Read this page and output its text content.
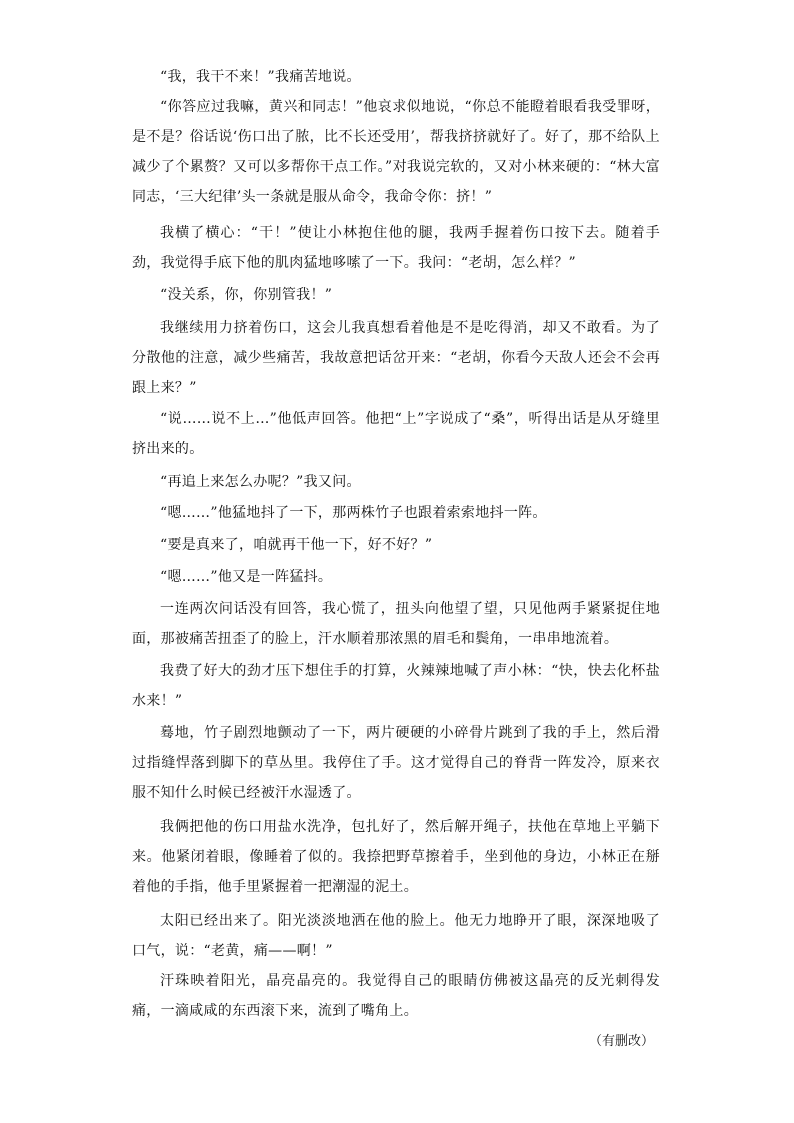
“我，我干不来！”我痛苦地说。

“你答应过我嘛，黄兴和同志！”他哀求似地说，“你总不能瞪着眼看我受罪呀，是不是？俗话说‘伤口出了脓，比不长还受用’，帮我挤挤就好了。好了，那不给队上减少了个累赘？又可以多帮你干点工作。”对我说完软的，又对小林来硬的：“林大富同志，‘三大纪律’头一条就是服从命令，我命令你：挤！”

我横了横心：“干！”使让小林抱住他的腿，我两手握着伤口按下去。随着手劲，我觉得手底下他的肌肉猛地哆嗦了一下。我问：“老胡，怎么样？”

“没关系，你，你别管我！”

我继续用力挤着伤口，这会儿我真想看着他是不是吃得消，却又不敢看。为了分散他的注意，减少些痛苦，我故意把话岔开来：“老胡，你看今天敌人还会不会再跟上来？”

“说……说不上…”他低声回答。他把“上”字说成了“桑”，听得出话是从牙缝里挤出来的。

“再追上来怎么办呢？”我又问。

“嗯……”他猛地抖了一下，那两株竹子也跟着索索地抖一阵。

“要是真来了，咱就再干他一下，好不好？”

“嗯……”他又是一阵猛抖。

一连两次问话没有回答，我心慌了，扭头向他望了望，只见他两手紧紧捉住地面，那被痛苦扭歪了的脸上，汗水顺着那浓黑的眉毛和鬓角，一串串地流着。

我费了好大的劲才压下想住手的打算，火辣辣地喊了声小林：“快，快去化杯盐水来！”

蓦地，竹子剧烈地颤动了一下，两片硬硬的小碎骨片跳到了我的手上，然后滑过指缝悍落到脚下的草丛里。我停住了手。这才觉得自己的脊背一阵发冷，原来衣服不知什么时候已经被汗水湿透了。

我俩把他的伤口用盐水洗净，包扎好了，然后解开绳子，扶他在草地上平躺下来。他紧闭着眼，像睡着了似的。我捺把野草擦着手，坐到他的身边，小林正在掰着他的手指，他手里紧握着一把潮湿的泥土。

太阳已经出来了。阳光淡淡地洒在他的脸上。他无力地睁开了眼，深深地吸了口气，说：“老黄，痛——啊！”

汗珠映着阳光，晶亮晶亮的。我觉得自己的眼睛仿佛被这晶亮的反光刺得发痛，一滴咸咸的东西滚下来，流到了嘴角上。

（有删改）
